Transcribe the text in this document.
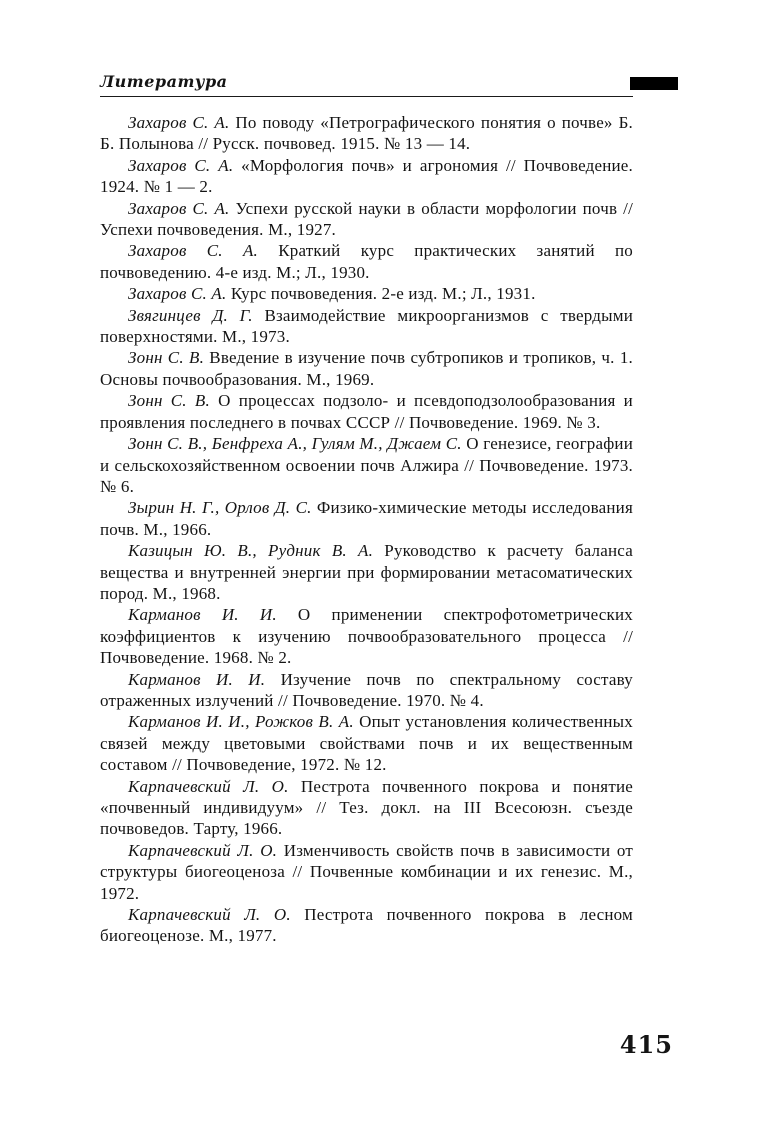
Литература

Захаров С. А. По поводу «Петрографического понятия о почве» Б. Б. Полынова // Русск. почвовед. 1915. № 13 — 14.

Захаров С. А. «Морфология почв» и агрономия // Почвоведение. 1924. № 1 — 2.

Захаров С. А. Успехи русской науки в области морфологии почв // Успехи почвоведения. М., 1927.

Захаров С. А. Краткий курс практических занятий по почвоведению. 4-е изд. М.; Л., 1930.

Захаров С. А. Курс почвоведения. 2-е изд. М.; Л., 1931.

Звягинцев Д. Г. Взаимодействие микроорганизмов с твердыми поверхностями. М., 1973.

Зонн С. В. Введение в изучение почв субтропиков и тропиков, ч. 1. Основы почвообразования. М., 1969.

Зонн С. В. О процессах подзоло- и псевдоподзолообразования и проявления последнего в почвах СССР // Почвоведение. 1969. № 3.

Зонн С. В., Бенфреха А., Гулям М., Джаем С. О генезисе, географии и сельскохозяйственном освоении почв Алжира // Почвоведение. 1973. № 6.

Зырин Н. Г., Орлов Д. С. Физико-химические методы исследования почв. М., 1966.

Казицын Ю. В., Рудник В. А. Руководство к расчету баланса вещества и внутренней энергии при формировании метасоматических пород. М., 1968.

Карманов И. И. О применении спектрофотометрических коэффициентов к изучению почвообразовательного процесса // Почвоведение. 1968. № 2.

Карманов И. И. Изучение почв по спектральному составу отраженных излучений // Почвоведение. 1970. № 4.

Карманов И. И., Рожков В. А. Опыт установления количественных связей между цветовыми свойствами почв и их вещественным составом // Почвоведение, 1972. № 12.

Карпачевский Л. О. Пестрота почвенного покрова и понятие «почвенный индивидуум» // Тез. докл. на III Всесоюзн. съезде почвоведов. Тарту, 1966.

Карпачевский Л. О. Изменчивость свойств почв в зависимости от структуры биогеоценоза // Почвенные комбинации и их генезис. М., 1972.

Карпачевский Л. О. Пестрота почвенного покрова в лесном биогеоценозе. М., 1977.

415
